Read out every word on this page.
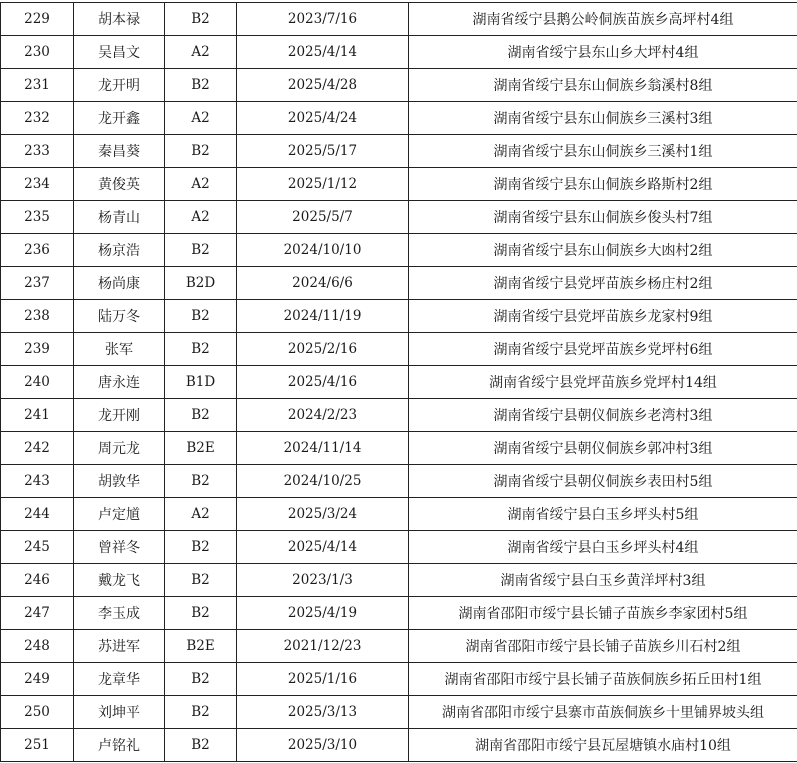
229	胡本禄	B2	2023/7/16	湖南省绥宁县鹅公岭侗族苗族乡高坪村4组
230	吴昌文	A2	2025/4/14	湖南省绥宁县东山乡大坪村4组
231	龙开明	B2	2025/4/28	湖南省绥宁县东山侗族乡翁溪村8组
232	龙开鑫	A2	2025/4/24	湖南省绥宁县东山侗族乡三溪村3组
233	秦昌葵	B2	2025/5/17	湖南省绥宁县东山侗族乡三溪村1组
234	黄俊英	A2	2025/1/12	湖南省绥宁县东山侗族乡路斯村2组
235	杨青山	A2	2025/5/7	湖南省绥宁县东山侗族乡俊头村7组
236	杨京浩	B2	2024/10/10	湖南省绥宁县东山侗族乡大凼村2组
237	杨尚康	B2D	2024/6/6	湖南省绥宁县党坪苗族乡杨庄村2组
238	陆万冬	B2	2024/11/19	湖南省绥宁县党坪苗族乡龙家村9组
239	张军	B2	2025/2/16	湖南省绥宁县党坪苗族乡党坪村6组
240	唐永连	B1D	2025/4/16	湖南省绥宁县党坪苗族乡党坪村14组
241	龙开刚	B2	2024/2/23	湖南省绥宁县朝仪侗族乡老湾村3组
242	周元龙	B2E	2024/11/14	湖南省绥宁县朝仪侗族乡郭冲村3组
243	胡敦华	B2	2024/10/25	湖南省绥宁县朝仪侗族乡表田村5组
244	卢定馗	A2	2025/3/24	湖南省绥宁县白玉乡坪头村5组
245	曾祥冬	B2	2025/4/14	湖南省绥宁县白玉乡坪头村4组
246	戴龙飞	B2	2023/1/3	湖南省绥宁县白玉乡黄洋坪村3组
247	李玉成	B2	2025/4/19	湖南省邵阳市绥宁县长铺子苗族乡李家团村5组
248	苏进军	B2E	2021/12/23	湖南省邵阳市绥宁县长铺子苗族乡川石村2组
249	龙章华	B2	2025/1/16	湖南省邵阳市绥宁县长铺子苗族侗族乡拓丘田村1组
250	刘坤平	B2	2025/3/13	湖南省邵阳市绥宁县寨市苗族侗族乡十里铺界坡头组
251	卢铭礼	B2	2025/3/10	湖南省邵阳市绥宁县瓦屋塘镇水庙村10组
